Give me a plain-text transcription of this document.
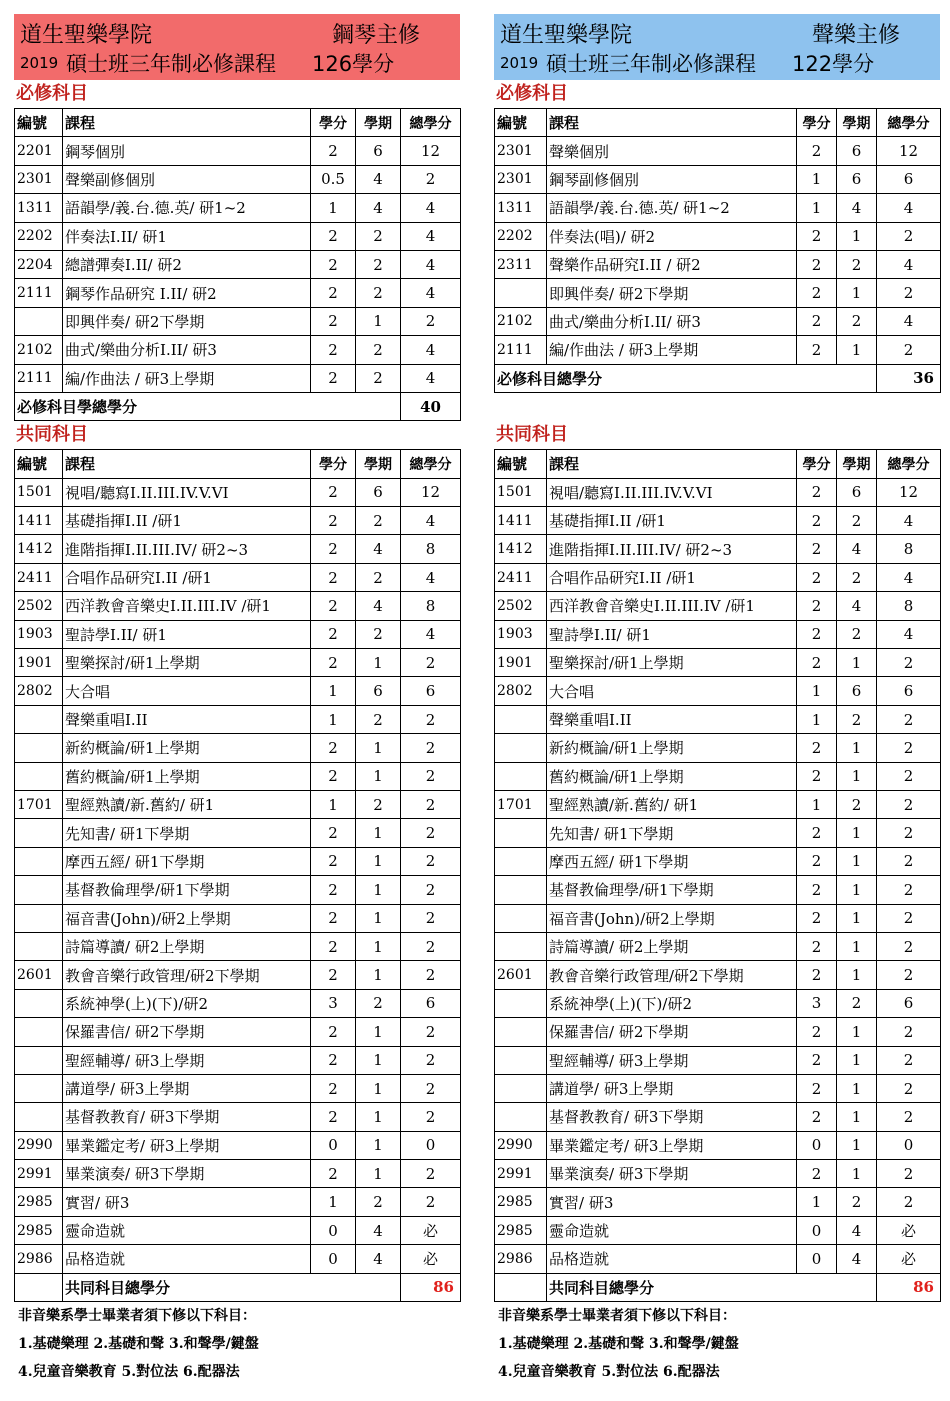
道生聖樂學院	鋼琴主修
2019 碩士班三年制必修課程	126學分
必修科目
編號	課程	學分	學期	總學分
2201	鋼琴個別	2	6	12
2301	聲樂副修個別	0.5	4	2
1311	語韻學/義.台.德.英/ 研1~2	1	4	4
2202	伴奏法I.II/ 研1	2	2	4
2204	總譜彈奏I.II/ 研2	2	2	4
2111	鋼琴作品研究 I.II/ 研2	2	2	4
	即興伴奏/ 研2下學期	2	1	2
2102	曲式/樂曲分析I.II/ 研3	2	2	4
2111	編/作曲法 / 研3上學期	2	2	4
必修科目學總學分				40
共同科目
編號	課程	學分	學期	總學分
1501	視唱/聽寫I.II.III.IV.V.VI	2	6	12
1411	基礎指揮I.II /研1	2	2	4
1412	進階指揮I.II.III.IV/ 研2~3	2	4	8
2411	合唱作品研究I.II /研1	2	2	4
2502	西洋教會音樂史I.II.III.IV /研1	2	4	8
1903	聖詩學I.II/ 研1	2	2	4
1901	聖樂探討/研1上學期	2	1	2
2802	大合唱	1	6	6
	聲樂重唱I.II	1	2	2
	新約概論/研1上學期	2	1	2
	舊約概論/研1上學期	2	1	2
1701	聖經熟讀/新.舊約/ 研1	1	2	2
	先知書/ 研1下學期	2	1	2
	摩西五經/ 研1下學期	2	1	2
	基督教倫理學/研1下學期	2	1	2
	福音書(John)/研2上學期	2	1	2
	詩篇導讀/ 研2上學期	2	1	2
2601	教會音樂行政管理/研2下學期	2	1	2
	系統神學(上)(下)/研2	3	2	6
	保羅書信/ 研2下學期	2	1	2
	聖經輔導/ 研3上學期	2	1	2
	講道學/ 研3上學期	2	1	2
	基督教教育/ 研3下學期	2	1	2
2990	畢業鑑定考/ 研3上學期	0	1	0
2991	畢業演奏/ 研3下學期	2	1	2
2985	實習/ 研3	1	2	2
2985	靈命造就	0	4	必
2986	品格造就	0	4	必
	共同科目總學分			86
非音樂系學士畢業者須下修以下科目：
1.基礎樂理 2.基礎和聲 3.和聲學/鍵盤
4.兒童音樂教育 5.對位法 6.配器法
道生聖樂學院	聲樂主修
2019 碩士班三年制必修課程	122學分
必修科目
編號	課程	學分	學期	總學分
2301	聲樂個別	2	6	12
2301	鋼琴副修個別	1	6	6
1311	語韻學/義.台.德.英/ 研1~2	1	4	4
2202	伴奏法(唱)/ 研2	2	1	2
2311	聲樂作品研究I.II / 研2	2	2	4
	即興伴奏/ 研2下學期	2	1	2
2102	曲式/樂曲分析I.II/ 研3	2	2	4
2111	編/作曲法 / 研3上學期	2	1	2
必修科目總學分				36
共同科目
編號	課程	學分	學期	總學分
1501	視唱/聽寫I.II.III.IV.V.VI	2	6	12
1411	基礎指揮I.II /研1	2	2	4
1412	進階指揮I.II.III.IV/ 研2~3	2	4	8
2411	合唱作品研究I.II /研1	2	2	4
2502	西洋教會音樂史I.II.III.IV /研1	2	4	8
1903	聖詩學I.II/ 研1	2	2	4
1901	聖樂探討/研1上學期	2	1	2
2802	大合唱	1	6	6
	聲樂重唱I.II	1	2	2
	新約概論/研1上學期	2	1	2
	舊約概論/研1上學期	2	1	2
1701	聖經熟讀/新.舊約/ 研1	1	2	2
	先知書/ 研1下學期	2	1	2
	摩西五經/ 研1下學期	2	1	2
	基督教倫理學/研1下學期	2	1	2
	福音書(John)/研2上學期	2	1	2
	詩篇導讀/ 研2上學期	2	1	2
2601	教會音樂行政管理/研2下學期	2	1	2
	系統神學(上)(下)/研2	3	2	6
	保羅書信/ 研2下學期	2	1	2
	聖經輔導/ 研3上學期	2	1	2
	講道學/ 研3上學期	2	1	2
	基督教教育/ 研3下學期	2	1	2
2990	畢業鑑定考/ 研3上學期	0	1	0
2991	畢業演奏/ 研3下學期	2	1	2
2985	實習/ 研3	1	2	2
2985	靈命造就	0	4	必
2986	品格造就	0	4	必
	共同科目總學分			86
非音樂系學士畢業者須下修以下科目：
1.基礎樂理 2.基礎和聲 3.和聲學/鍵盤
4.兒童音樂教育 5.對位法 6.配器法
